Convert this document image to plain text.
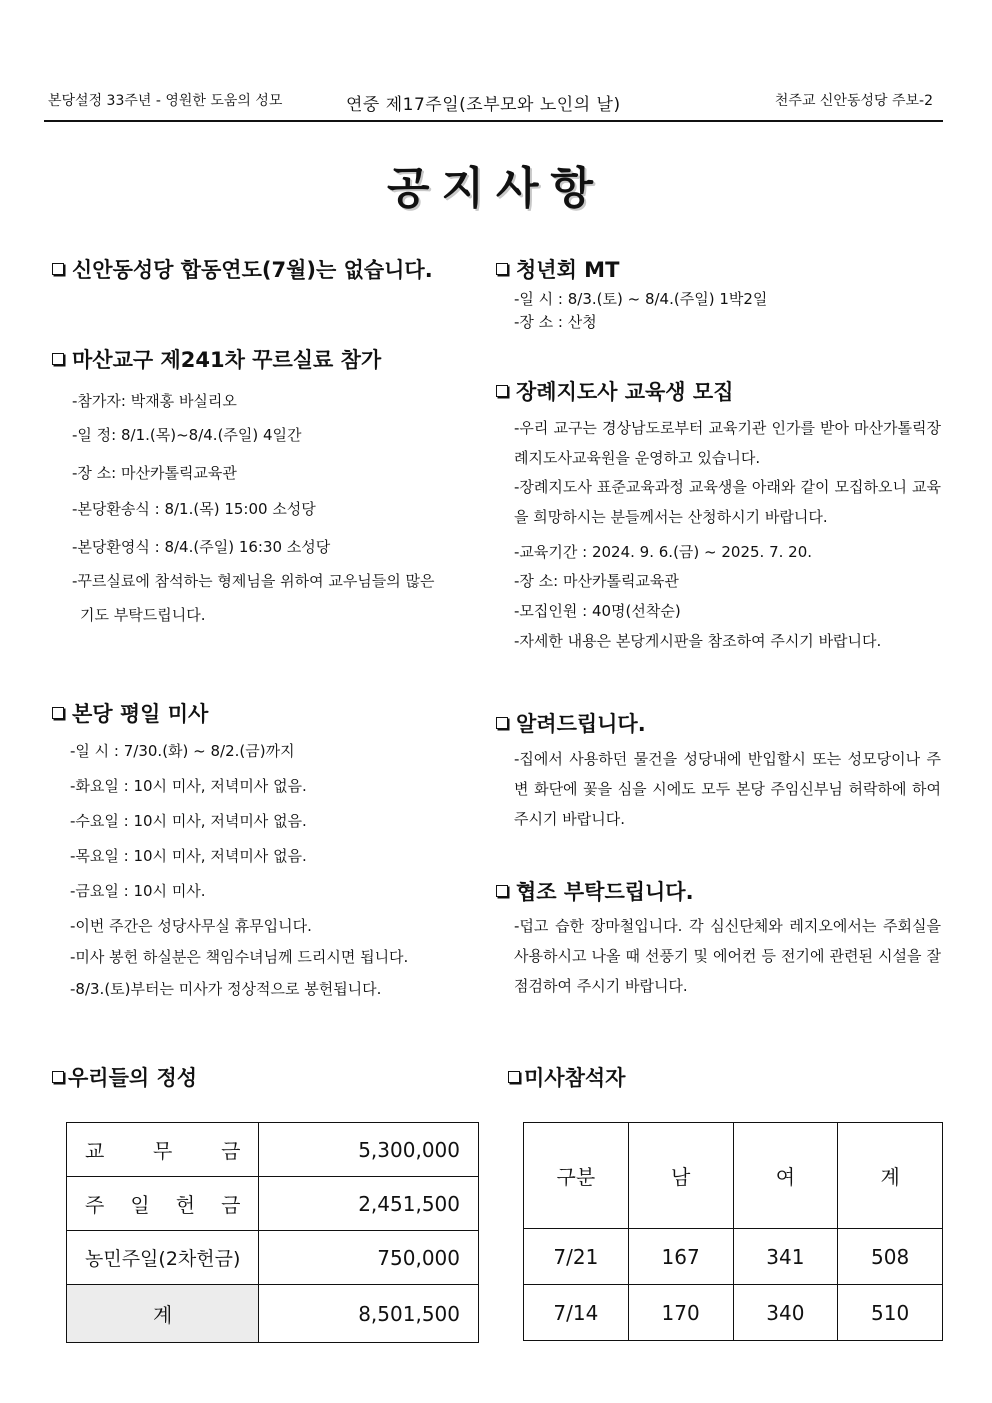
본당설정 33주년 - 영원한 도움의 성모	연중 제17주일(조부모와 노인의 날)	천주교 신안동성당 주보-2
공지사항
신안동성당 합동연도(7월)는 없습니다.
마산교구 제241차 꾸르실료 참가
-참가자: 박재홍 바실리오
-일 정: 8/1.(목)~8/4.(주일) 4일간
-장 소: 마산카톨릭교육관
-본당환송식 : 8/1.(목) 15:00 소성당
-본당환영식 : 8/4.(주일) 16:30 소성당
-꾸르실료에 참석하는 형제님을 위하여 교우님들의 많은
기도 부탁드립니다.
본당 평일 미사
-일 시 : 7/30.(화) ~ 8/2.(금)까지
-화요일 : 10시 미사, 저녁미사 없음.
-수요일 : 10시 미사, 저녁미사 없음.
-목요일 : 10시 미사, 저녁미사 없음.
-금요일 : 10시 미사.
-이번 주간은 성당사무실 휴무입니다.
-미사 봉헌 하실분은 책임수녀님께 드리시면 됩니다.
-8/3.(토)부터는 미사가 정상적으로 봉헌됩니다.
청년회 MT
-일 시 : 8/3.(토) ~ 8/4.(주일) 1박2일
-장 소 : 산청
장례지도사 교육생 모집
-우리 교구는 경상남도로부터 교육기관 인가를 받아 마산가톨릭장례지도사교육원을 운영하고 있습니다.
-장례지도사 표준교육과정 교육생을 아래와 같이 모집하오니 교육을 희망하시는 분들께서는 산청하시기 바랍니다.
-교육기간 : 2024. 9. 6.(금) ~ 2025. 7. 20.
-장 소: 마산카톨릭교육관
-모집인원 : 40명(선착순)
-자세한 내용은 본당게시판을 참조하여 주시기 바랍니다.
알려드립니다.
-집에서 사용하던 물건을 성당내에 반입할시 또는 성모당이나 주변 화단에 꽃을 심을 시에도 모두 본당 주임신부님 허락하에 하여 주시기 바랍니다.
협조 부탁드립니다.
-덥고 습한 장마철입니다. 각 심신단체와 레지오에서는 주회실을 사용하시고 나올 때 선풍기 및 에어컨 등 전기에 관련된 시설을 잘 점검하여 주시기 바랍니다.
우리들의 정성
교 무 금	5,300,000

주 일 헌 금	2,451,500

농민주일(2차헌금)	750,000

계	8,501,500
미사참석자
구분	남	여	계
7/21	167	341	508
7/14	170	340	510
